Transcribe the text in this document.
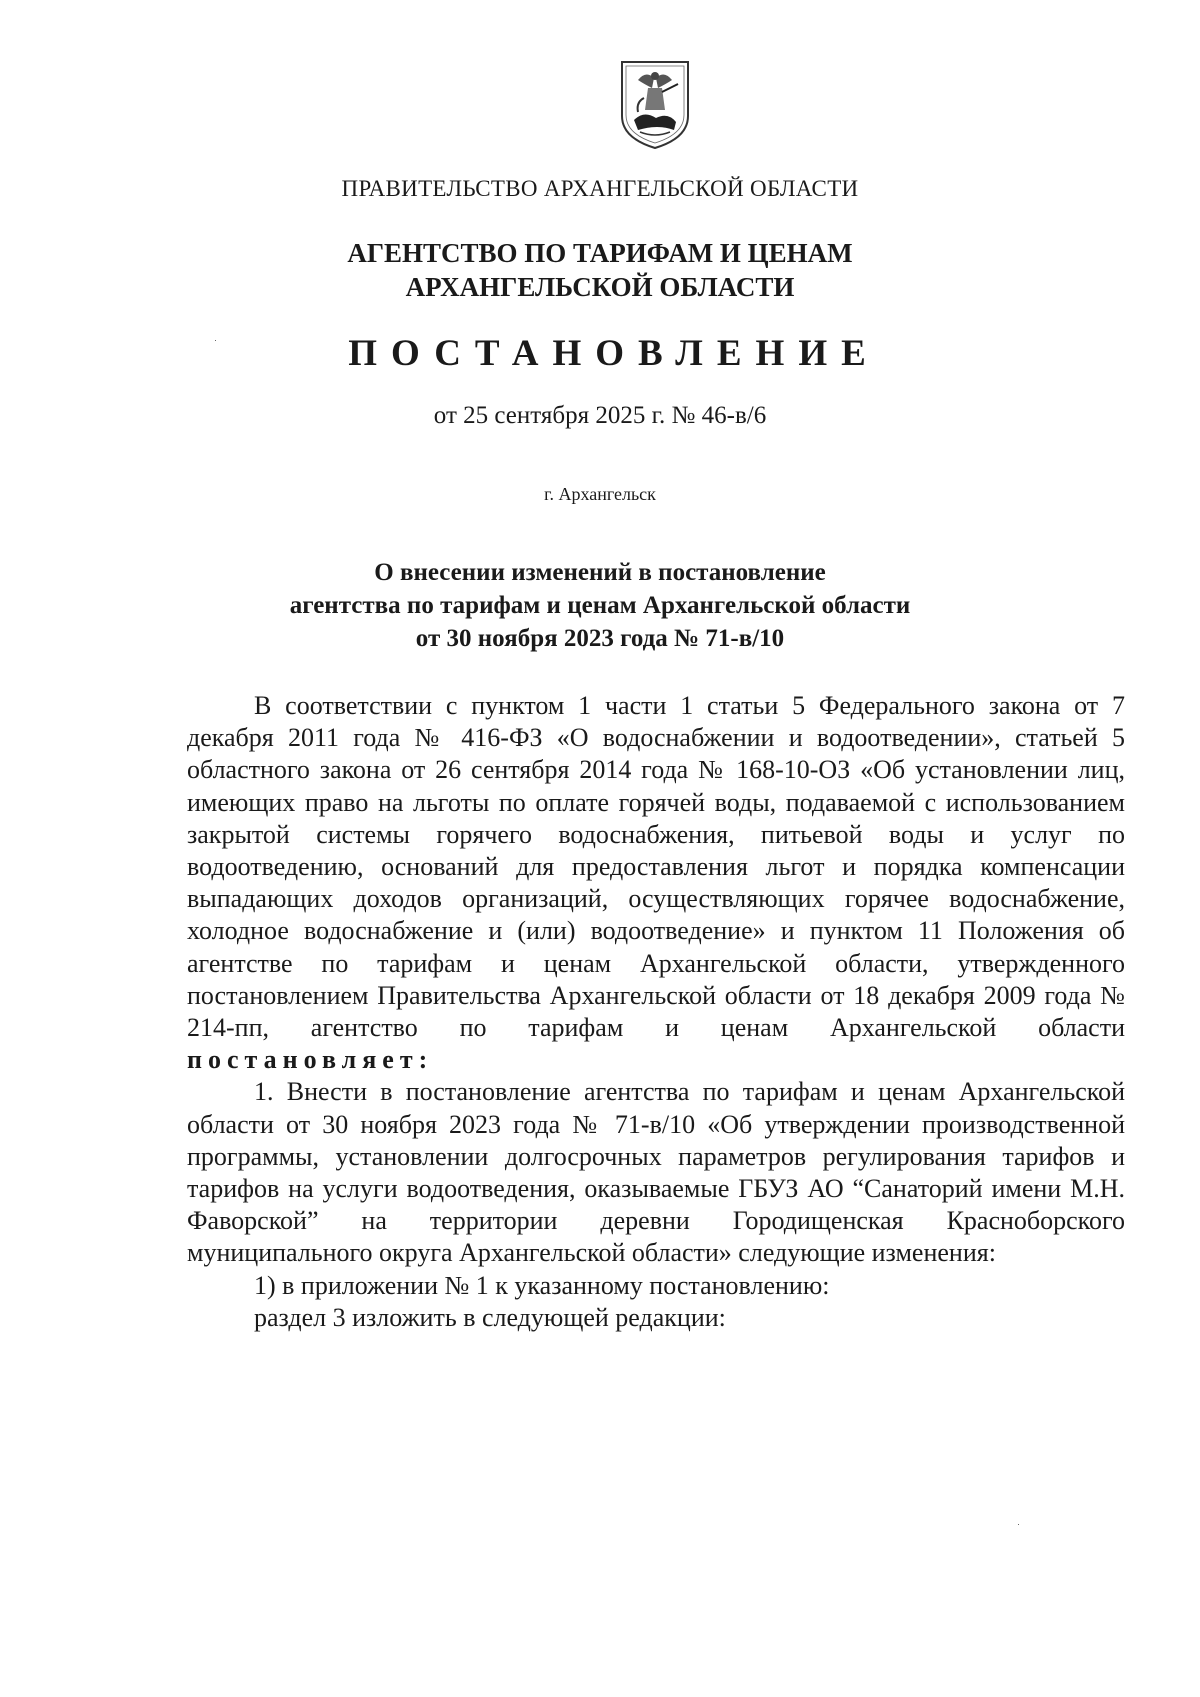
ПРАВИТЕЛЬСТВО АРХАНГЕЛЬСКОЙ ОБЛАСТИ
АГЕНТСТВО ПО ТАРИФАМ И ЦЕНАМ
АРХАНГЕЛЬСКОЙ ОБЛАСТИ
ПОСТАНОВЛЕНИЕ
от 25 сентября 2025 г. № 46-в/6
г. Архангельск
О внесении изменений в постановление
агентства по тарифам и ценам Архангельской области
от 30 ноября 2023 года № 71-в/10

В соответствии с пунктом 1 части 1 статьи 5 Федерального закона от 7 декабря 2011 года № 416-ФЗ «О водоснабжении и водоотведении», статьей 5 областного закона от 26 сентября 2014 года № 168-10-ОЗ «Об установлении лиц, имеющих право на льготы по оплате горячей воды, подаваемой с использованием закрытой системы горячего водоснабжения, питьевой воды и услуг по водоотведению, оснований для предоставления льгот и порядка компенсации выпадающих доходов организаций, осуществляющих горячее водоснабжение, холодное водоснабжение и (или) водоотведение» и пунктом 11 Положения об агентстве по тарифам и ценам Архангельской области, утвержденного постановлением Правительства Архангельской области от 18 декабря 2009 года № 214-пп, агентство по тарифам и ценам Архангельской области постановляет:

1. Внести в постановление агентства по тарифам и ценам Архангельской области от 30 ноября 2023 года № 71-в/10 «Об утверждении производственной программы, установлении долгосрочных параметров регулирования тарифов и тарифов на услуги водоотведения, оказываемые ГБУЗ АО “Санаторий имени М.Н. Фаворской” на территории деревни Городищенская Красноборского муниципального округа Архангельской области» следующие изменения:

1) в приложении № 1 к указанному постановлению:

раздел 3 изложить в следующей редакции:
